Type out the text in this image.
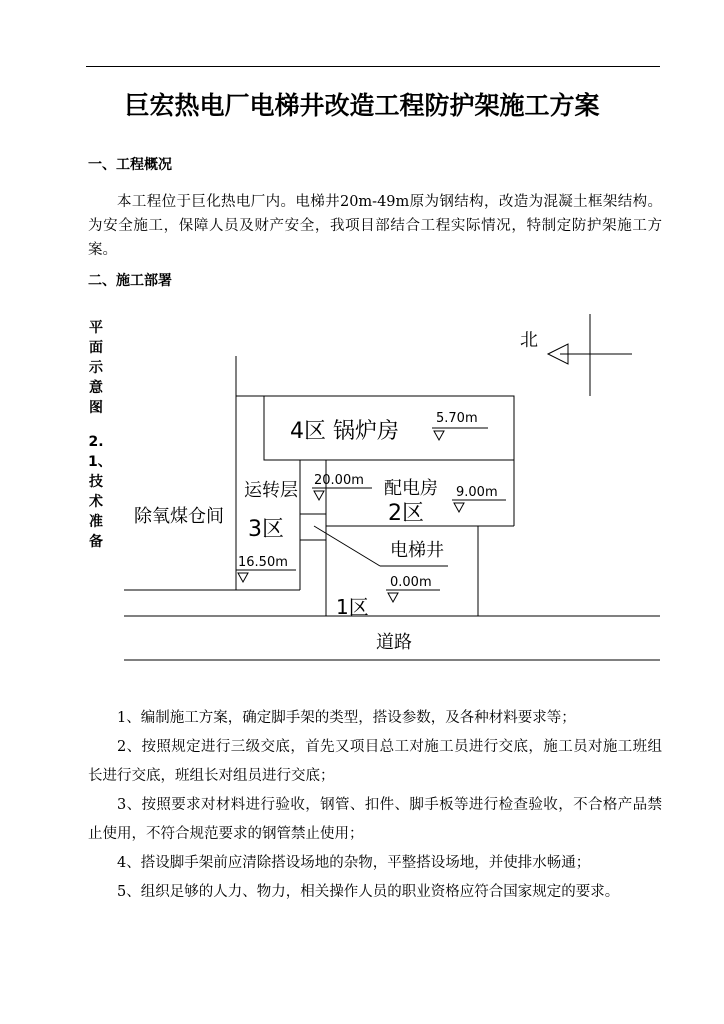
巨宏热电厂电梯井改造工程防护架施工方案
一、工程概况
本工程位于巨化热电厂内。电梯井20m-49m原为钢结构，改造为混凝土框架结构。为安全施工，保障人员及财产安全，我项目部结合工程实际情况，特制定防护架施工方案。
二、施工部署
平面示意图
2.1、技术准备
北
4区 锅炉房
5.70m
运转层
3区
20.00m
16.50m
配电房
2区
9.00m
除氧煤仓间
电梯井
0.00m
1区
道路

1、编制施工方案，确定脚手架的类型，搭设参数，及各种材料要求等；

2、按照规定进行三级交底，首先又项目总工对施工员进行交底，施工员对施工班组长进行交底，班组长对组员进行交底；

3、按照要求对材料进行验收，钢管、扣件、脚手板等进行检查验收，不合格产品禁止使用，不符合规范要求的钢管禁止使用；

4、搭设脚手架前应清除搭设场地的杂物，平整搭设场地，并使排水畅通；

5、组织足够的人力、物力，相关操作人员的职业资格应符合国家规定的要求。
